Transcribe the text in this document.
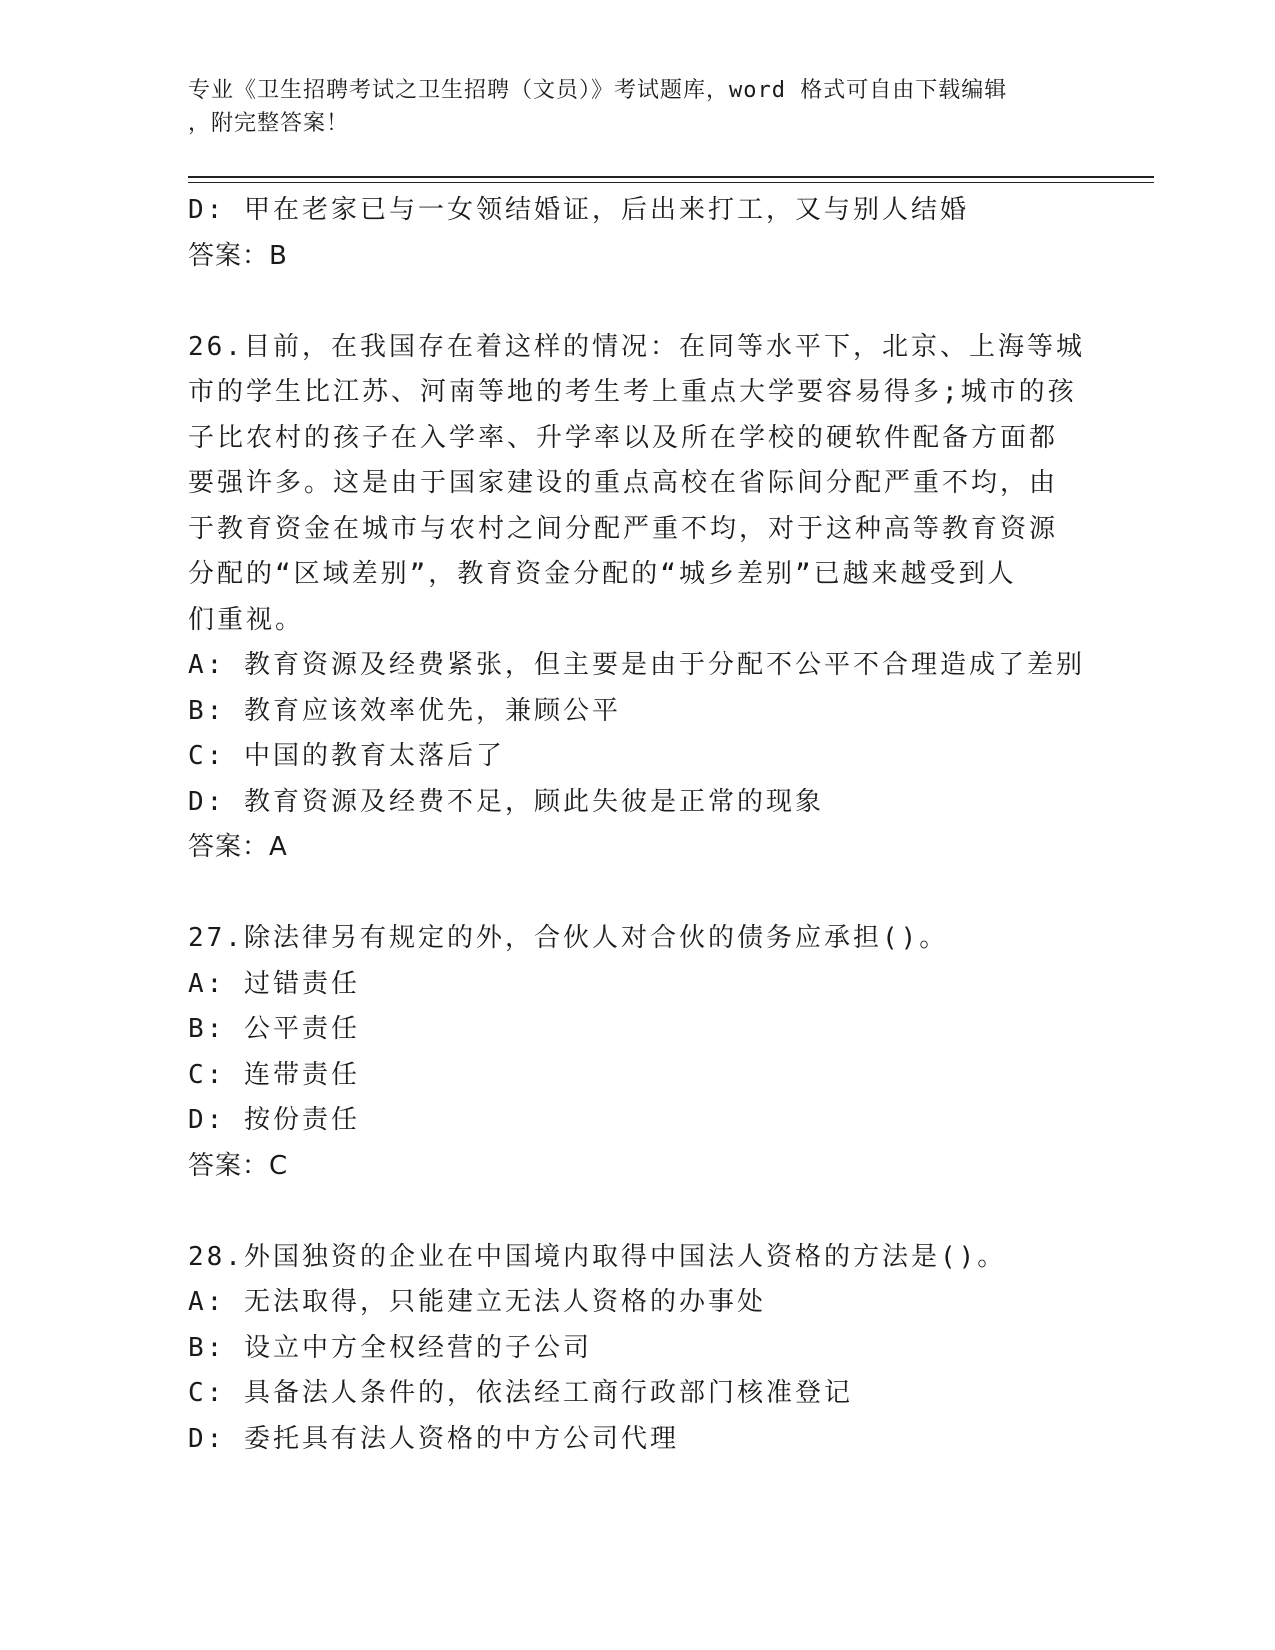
专业《卫生招聘考试之卫生招聘（文员）》考试题库，word 格式可自由下载编辑
，附完整答案！
D: 甲在老家已与一女领结婚证，后出来打工，又与别人结婚
答案：B
26.目前，在我国存在着这样的情况：在同等水平下，北京、上海等城
市的学生比江苏、河南等地的考生考上重点大学要容易得多;城市的孩
子比农村的孩子在入学率、升学率以及所在学校的硬软件配备方面都
要强许多。这是由于国家建设的重点高校在省际间分配严重不均，由
于教育资金在城市与农村之间分配严重不均，对于这种高等教育资源
分配的“区域差别”，教育资金分配的“城乡差别”已越来越受到人
们重视。
A: 教育资源及经费紧张，但主要是由于分配不公平不合理造成了差别
B: 教育应该效率优先，兼顾公平
C: 中国的教育太落后了
D: 教育资源及经费不足，顾此失彼是正常的现象
答案：A
27.除法律另有规定的外，合伙人对合伙的债务应承担()。
A: 过错责任
B: 公平责任
C: 连带责任
D: 按份责任
答案：C
28.外国独资的企业在中国境内取得中国法人资格的方法是()。
A: 无法取得，只能建立无法人资格的办事处
B: 设立中方全权经营的子公司
C: 具备法人条件的，依法经工商行政部门核准登记
D: 委托具有法人资格的中方公司代理
